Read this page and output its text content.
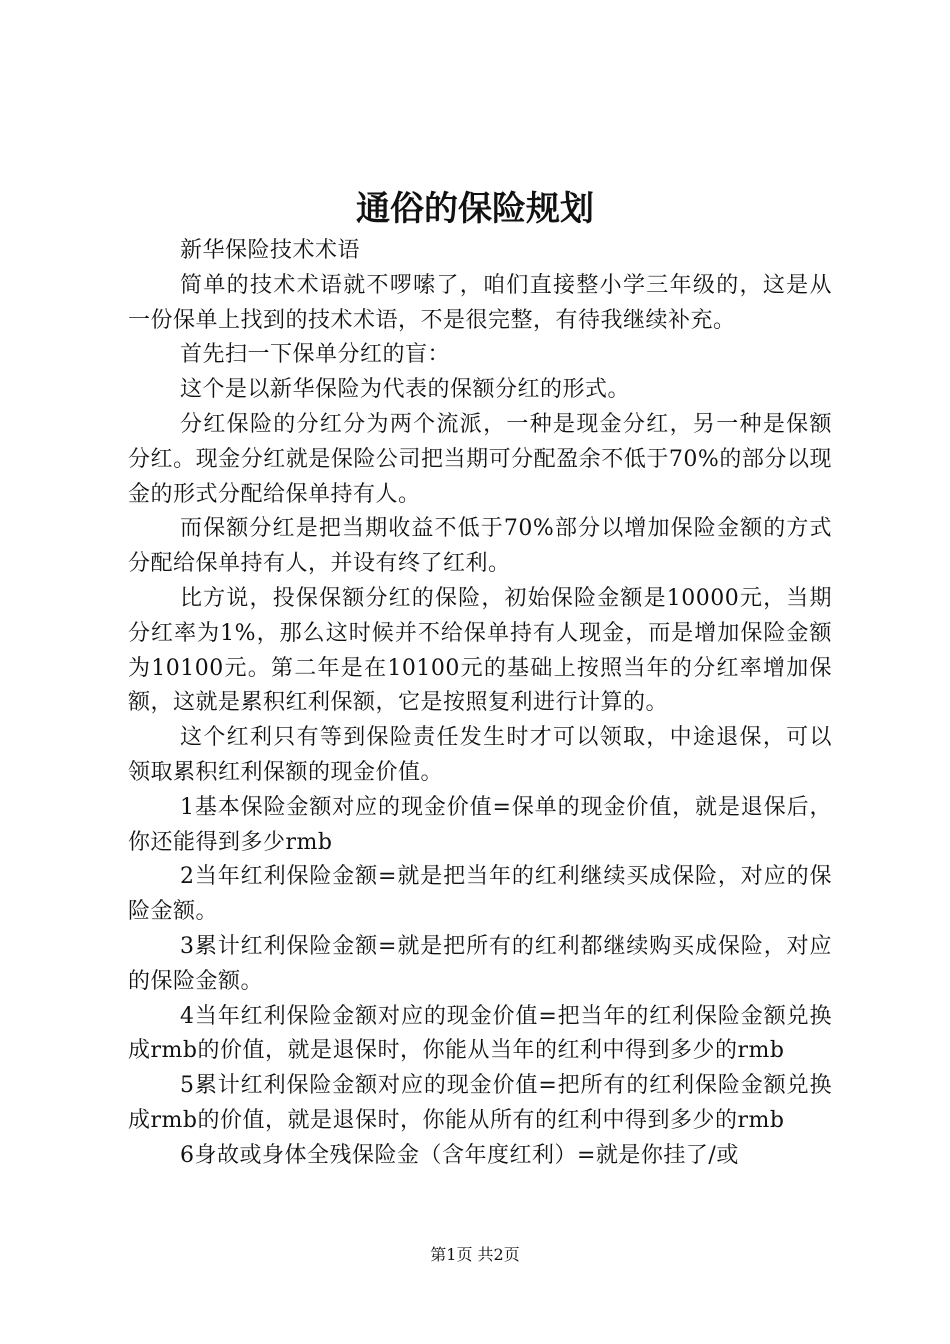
通俗的保险规划

新华保险技术术语

简单的技术术语就不啰嗦了，咱们直接整小学三年级的，这是从一份保单上找到的技术术语，不是很完整，有待我继续补充。

首先扫一下保单分红的盲：

这个是以新华保险为代表的保额分红的形式。

分红保险的分红分为两个流派，一种是现金分红，另一种是保额分红。现金分红就是保险公司把当期可分配盈余不低于70%的部分以现金的形式分配给保单持有人。

而保额分红是把当期收益不低于70%部分以增加保险金额的方式分配给保单持有人，并设有终了红利。

比方说，投保保额分红的保险，初始保险金额是10000元，当期分红率为1%，那么这时候并不给保单持有人现金，而是增加保险金额为10100元。第二年是在10100元的基础上按照当年的分红率增加保额，这就是累积红利保额，它是按照复利进行计算的。

这个红利只有等到保险责任发生时才可以领取，中途退保，可以领取累积红利保额的现金价值。

1基本保险金额对应的现金价值=保单的现金价值，就是退保后，你还能得到多少rmb

2当年红利保险金额=就是把当年的红利继续买成保险，对应的保险金额。

3累计红利保险金额=就是把所有的红利都继续购买成保险，对应的保险金额。

4当年红利保险金额对应的现金价值=把当年的红利保险金额兑换成rmb的价值，就是退保时，你能从当年的红利中得到多少的rmb

5累计红利保险金额对应的现金价值=把所有的红利保险金额兑换成rmb的价值，就是退保时，你能从所有的红利中得到多少的rmb

6身故或身体全残保险金（含年度红利）=就是你挂了/或

第1页 共2页
